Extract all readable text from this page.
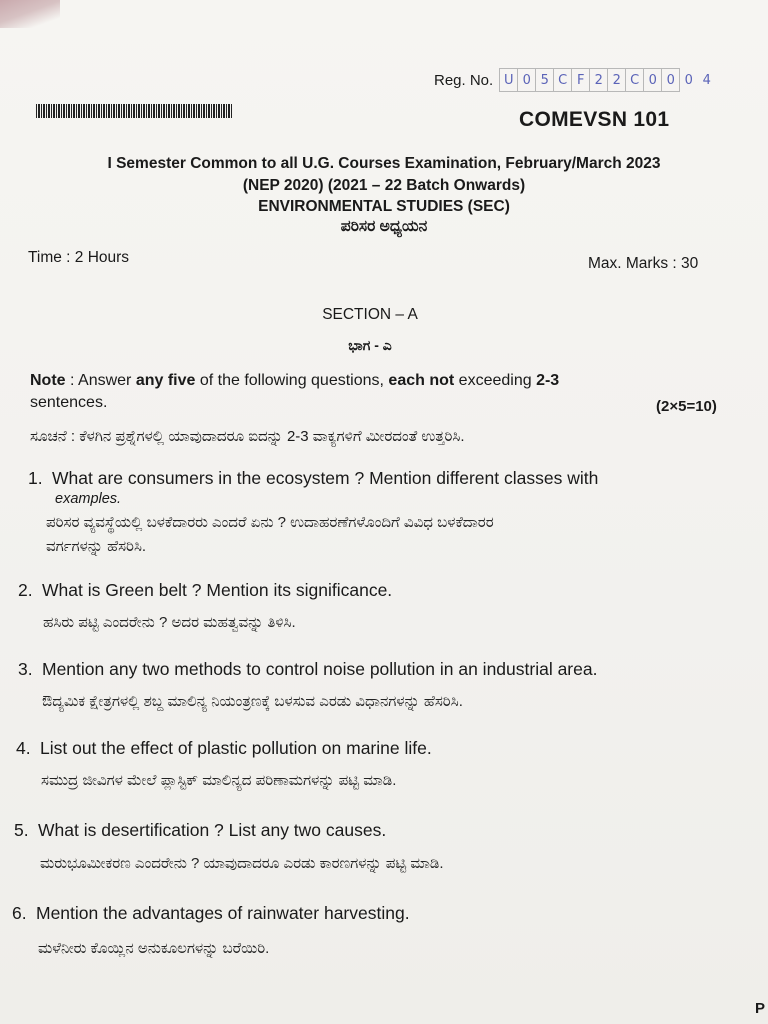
Reg. No. U 0 5 C F 2 2 C 0 0 0 4
COMEVSN 101
I Semester Common to all U.G. Courses Examination, February/March 2023
(NEP 2020) (2021 – 22 Batch Onwards)
ENVIRONMENTAL STUDIES (SEC)
ಪರಿಸರ ಅಧ್ಯಯನ
Time : 2 Hours	Max. Marks : 30
SECTION – A
ಭಾಗ - ಎ
Note : Answer any five of the following questions, each not exceeding 2-3
sentences.	(2×5=10)
ಸೂಚನೆ : ಕೆಳಗಿನ ಪ್ರಶ್ನೆಗಳಲ್ಲಿ ಯಾವುದಾದರೂ ಐದನ್ನು 2-3 ವಾಕ್ಯಗಳಿಗೆ ಮೀರದಂತೆ ಉತ್ತರಿಸಿ.
1. What are consumers in the ecosystem ? Mention different classes with
examples.
ಪರಿಸರ ವ್ಯವಸ್ಥೆಯಲ್ಲಿ ಬಳಕೆದಾರರು ಎಂದರೆ ಏನು ? ಉದಾಹರಣೆಗಳೊಂದಿಗೆ ವಿವಿಧ ಬಳಕೆದಾರರ
ವರ್ಗಗಳನ್ನು ಹೆಸರಿಸಿ.
2. What is Green belt ? Mention its significance.
ಹಸಿರು ಪಟ್ಟಿ ಎಂದರೇನು ? ಅದರ ಮಹತ್ವವನ್ನು ತಿಳಿಸಿ.
3. Mention any two methods to control noise pollution in an industrial area.
ಔದ್ಯಮಿಕ ಕ್ಷೇತ್ರಗಳಲ್ಲಿ ಶಬ್ದ ಮಾಲಿನ್ಯ ನಿಯಂತ್ರಣಕ್ಕೆ ಬಳಸುವ ಎರಡು ವಿಧಾನಗಳನ್ನು ಹೆಸರಿಸಿ.
4. List out the effect of plastic pollution on marine life.
ಸಮುದ್ರ ಜೀವಿಗಳ ಮೇಲೆ ಪ್ಲಾಸ್ಟಿಕ್ ಮಾಲಿನ್ಯದ ಪರಿಣಾಮಗಳನ್ನು ಪಟ್ಟಿ ಮಾಡಿ.
5. What is desertification ? List any two causes.
ಮರುಭೂಮೀಕರಣ ಎಂದರೇನು ? ಯಾವುದಾದರೂ ಎರಡು ಕಾರಣಗಳನ್ನು ಪಟ್ಟಿ ಮಾಡಿ.
6. Mention the advantages of rainwater harvesting.
ಮಳೆನೀರು ಕೊಯ್ಲಿನ ಅನುಕೂಲಗಳನ್ನು ಬರೆಯಿರಿ.
P
